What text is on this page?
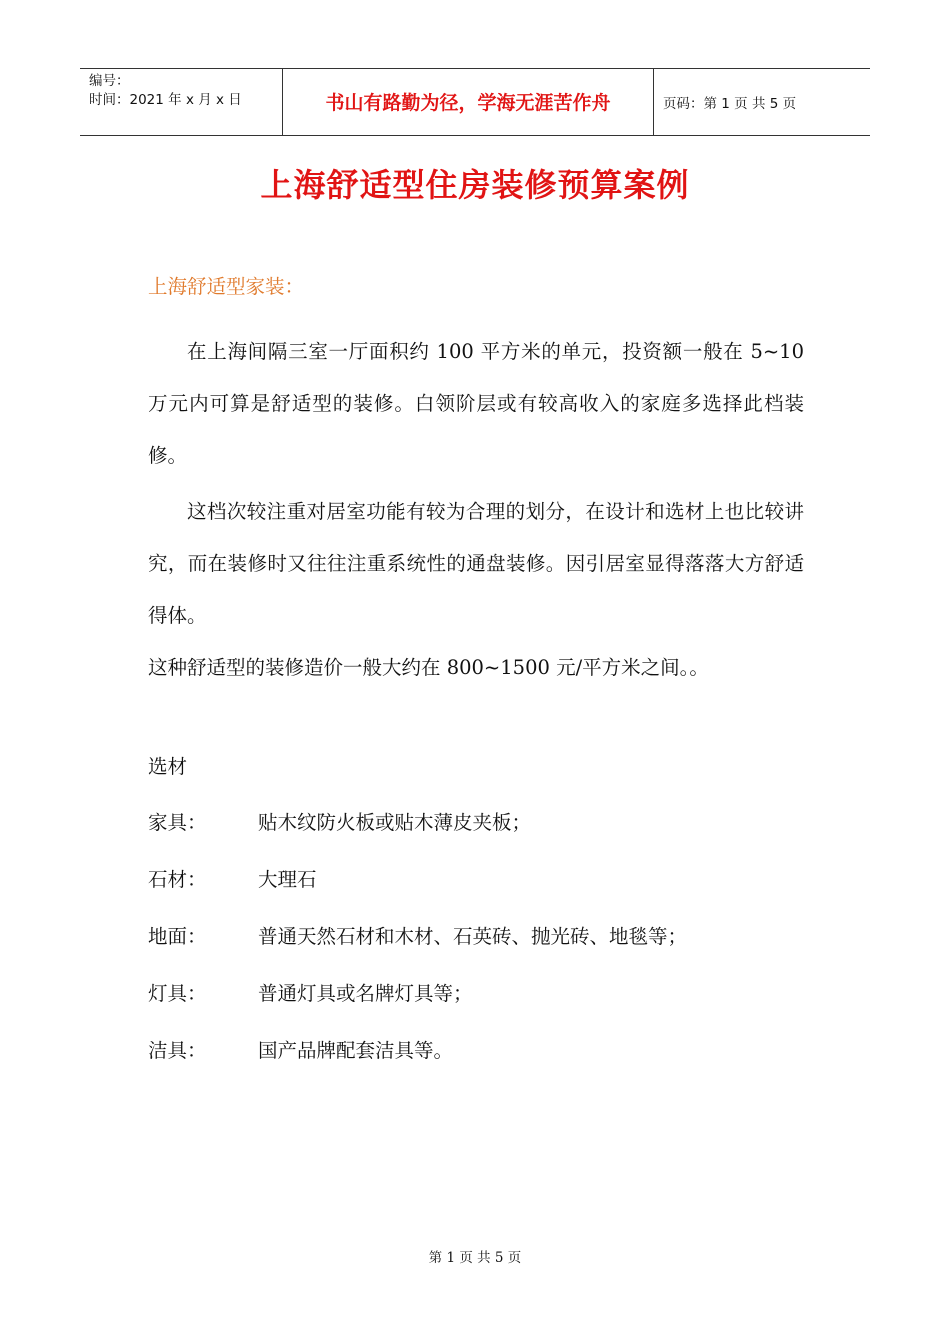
编号：
时间：2021 年 x 月 x 日	书山有路勤为径，学海无涯苦作舟	页码：第 1 页 共 5 页
上海舒适型住房装修预算案例
上海舒适型家装：

在上海间隔三室一厅面积约 100 平方米的单元，投资额一般在 5~10 万元内可算是舒适型的装修。白领阶层或有较高收入的家庭多选择此档装修。

这档次较注重对居室功能有较为合理的划分，在设计和选材上也比较讲究，而在装修时又往往注重系统性的通盘装修。因引居室显得落落大方舒适得体。

这种舒适型的装修造价一般大约在 800~1500 元/平方米之间。。

选材
家具：	贴木纹防火板或贴木薄皮夹板；
石材：	大理石
地面：	普通天然石材和木材、石英砖、抛光砖、地毯等；
灯具：	普通灯具或名牌灯具等；
洁具：	国产品牌配套洁具等。
第 1 页 共 5 页
